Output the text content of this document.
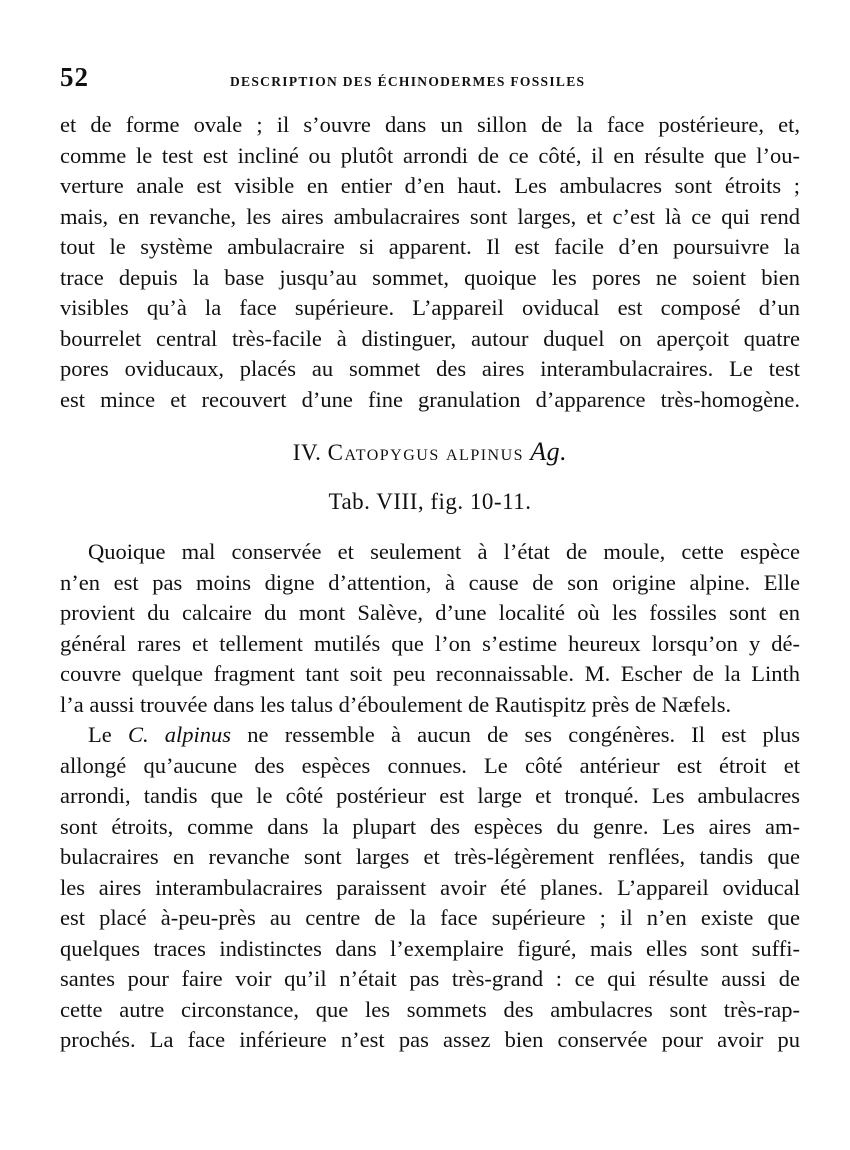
52	DESCRIPTION DES ÉCHINODERMES FOSSILES
et de forme ovale ; il s’ouvre dans un sillon de la face postérieure, et,
comme le test est incliné ou plutôt arrondi de ce côté, il en résulte que l’ou-
verture anale est visible en entier d’en haut. Les ambulacres sont étroits ;
mais, en revanche, les aires ambulacraires sont larges, et c’est là ce qui rend
tout le système ambulacraire si apparent. Il est facile d’en poursuivre la
trace depuis la base jusqu’au sommet, quoique les pores ne soient bien
visibles qu’à la face supérieure. L’appareil oviducal est composé d’un
bourrelet central très-facile à distinguer, autour duquel on aperçoit quatre
pores oviducaux, placés au sommet des aires interambulacraires. Le test
est mince et recouvert d’une fine granulation d’apparence très-homogène.
IV. CATOPYGUS ALPINUS Ag.
Tab. VIII, fig. 10-11.
Quoique mal conservée et seulement à l’état de moule, cette espèce
n’en est pas moins digne d’attention, à cause de son origine alpine. Elle
provient du calcaire du mont Salève, d’une localité où les fossiles sont en
général rares et tellement mutilés que l’on s’estime heureux lorsqu’on y dé-
couvre quelque fragment tant soit peu reconnaissable. M. Escher de la Linth
l’a aussi trouvée dans les talus d’éboulement de Rautispitz près de Næfels.
Le C. alpinus ne ressemble à aucun de ses congénères. Il est plus
allongé qu’aucune des espèces connues. Le côté antérieur est étroit et
arrondi, tandis que le côté postérieur est large et tronqué. Les ambulacres
sont étroits, comme dans la plupart des espèces du genre. Les aires am-
bulacraires en revanche sont larges et très-légèrement renflées, tandis que
les aires interambulacraires paraissent avoir été planes. L’appareil oviducal
est placé à-peu-près au centre de la face supérieure ; il n’en existe que
quelques traces indistinctes dans l’exemplaire figuré, mais elles sont suffi-
santes pour faire voir qu’il n’était pas très-grand : ce qui résulte aussi de
cette autre circonstance, que les sommets des ambulacres sont très-rap-
prochés. La face inférieure n’est pas assez bien conservée pour avoir pu
